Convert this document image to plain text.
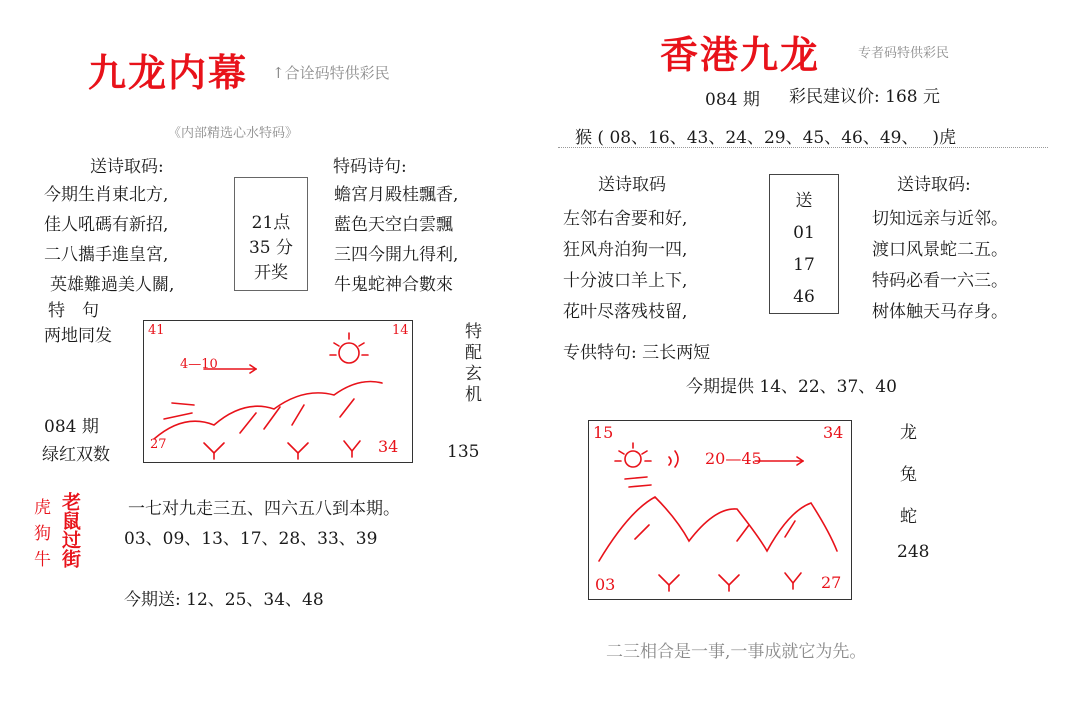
九龙内幕 ↑合诠码特供彩民
《内部精选心水特码》
送诗取码:
今期生肖東北方,
佳人吼碼有新招,
二八攜手進皇宮,
英雄難過美人關,
21点
35 分
开奖
特码诗句:
蟾宮月殿桂飄香,
藍色天空白雲飄
三四今開九得利,
牛鬼蛇神合數來
特　句
两地同发	41	14
27	34
4—10	特配玄机
135
084 期
绿红双数
虎
狗
牛 老鼠过街	一七对九走三五、四六五八到本期。
03、09、13、17、28、33、39
今期送: 12、25、34、48
香港九龙	专者码特供彩民
084 期 彩民建议价: 168 元
猴 ( 08、16、43、24、29、45、46、49、　 )虎
送诗取码
左邻右舍要和好,
狂风舟泊狗一四,
十分波口羊上下,
花叶尽落残枝留,
送
01
17
46
送诗取码:
切知远亲与近邻。
渡口风景蛇二五。
特码必看一六三。
树体触天马存身。
专供特句: 三长两短
今期提供 14、22、37、40
15	34
03	27
20—45
龙
兔
蛇
248
二三相合是一事,一事成就它为先。
